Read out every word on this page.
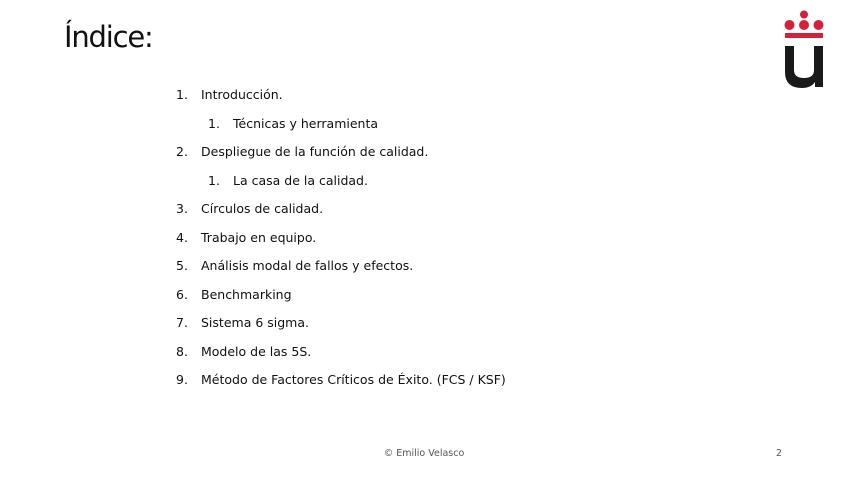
Índice:
1. Introducción.
1. Técnicas y herramienta
2. Despliegue de la función de calidad.
1. La casa de la calidad.
3. Círculos de calidad.
4. Trabajo en equipo.
5. Análisis modal de fallos y efectos.
6. Benchmarking
7. Sistema 6 sigma.
8. Modelo de las 5S.
9. Método de Factores Críticos de Éxito. (FCS / KSF)
© Emilio Velasco	2
